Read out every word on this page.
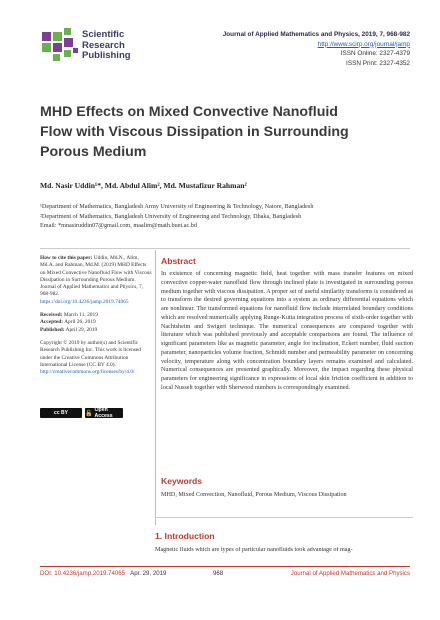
Scientific
Research
Publishing
Journal of Applied Mathematics and Physics, 2019, 7, 968-982
http://www.scirp.org/journal/jamp
ISSN Online: 2327-4379
ISSN Print: 2327-4352
MHD Effects on Mixed Convective Nanofluid
Flow with Viscous Dissipation in Surrounding
Porous Medium
Md. Nasir Uddin¹*, Md. Abdul Alim², Md. Mustafizur Rahman²
¹Department of Mathematics, Bangladesh Army University of Engineering & Technology, Natore, Bangladesh
²Department of Mathematics, Bangladesh University of Engineering and Technology, Dhaka, Bangladesh
Email: *mnasiruddin07@gmail.com, maalim@math.buet.ac.bd

How to cite this paper: Uddin, Md.N., Alim, Md.A. and Rahman, Md.M. (2019) MHD Effects on Mixed Convective Nanofluid Flow with Viscous Dissipation in Surrounding Porous Medium. Journal of Applied Mathematics and Physics, 7, 968-982.
https://doi.org/10.4236/jamp.2019.74065

Received: March 11, 2019
Accepted: April 26, 2019
Published: April 29, 2019

Copyright © 2019 by author(s) and Scientific Research Publishing Inc. This work is licensed under the Creative Commons Attribution International License (CC BY 4.0).
http://creativecommons.org/licenses/by/4.0/

cc BY	🔓
Open Access
Abstract
In existence of concerning magnetic field, heat together with mass transfer features on mixed convective copper-water nanofluid flow through inclined plate is investigated in surrounding porous medium together with viscous dissipation. A proper set of useful similarity transforms is considered as to transform the desired governing equations into a system as ordinary differential equations which are nonlinear. The transformed equations for nanofluid flow include interrelated boundary conditions which are resolved numerically applying Runge-Kutta integration process of sixth-order together with Nachtsheim and Swigert technique. The numerical consequences are compared together with literature which was published previously and acceptable comparisons are found. The influence of significant parameters like as magnetic parameter, angle for inclination, Eckert number, fluid suction parameter, nanoparticles volume fraction, Schmidt number and permeability parameter on concerning velocity, temperature along with concentration boundary layers remains examined and calculated. Numerical consequences are presented graphically. Moreover, the impact regarding these physical parameters for engineering significance in expressions of local skin friction coefficient in addition to local Nusselt together with Sherwood numbers is correspondingly examined.
Keywords
MHD, Mixed Convection, Nanofluid, Porous Medium, Viscous Dissipation
1. Introduction
Magnetic fluids which are types of particular nanofluids took advantage of mag-
DOI: 10.4236/jamp.2019.74065 Apr. 29, 2019	968	Journal of Applied Mathematics and Physics
